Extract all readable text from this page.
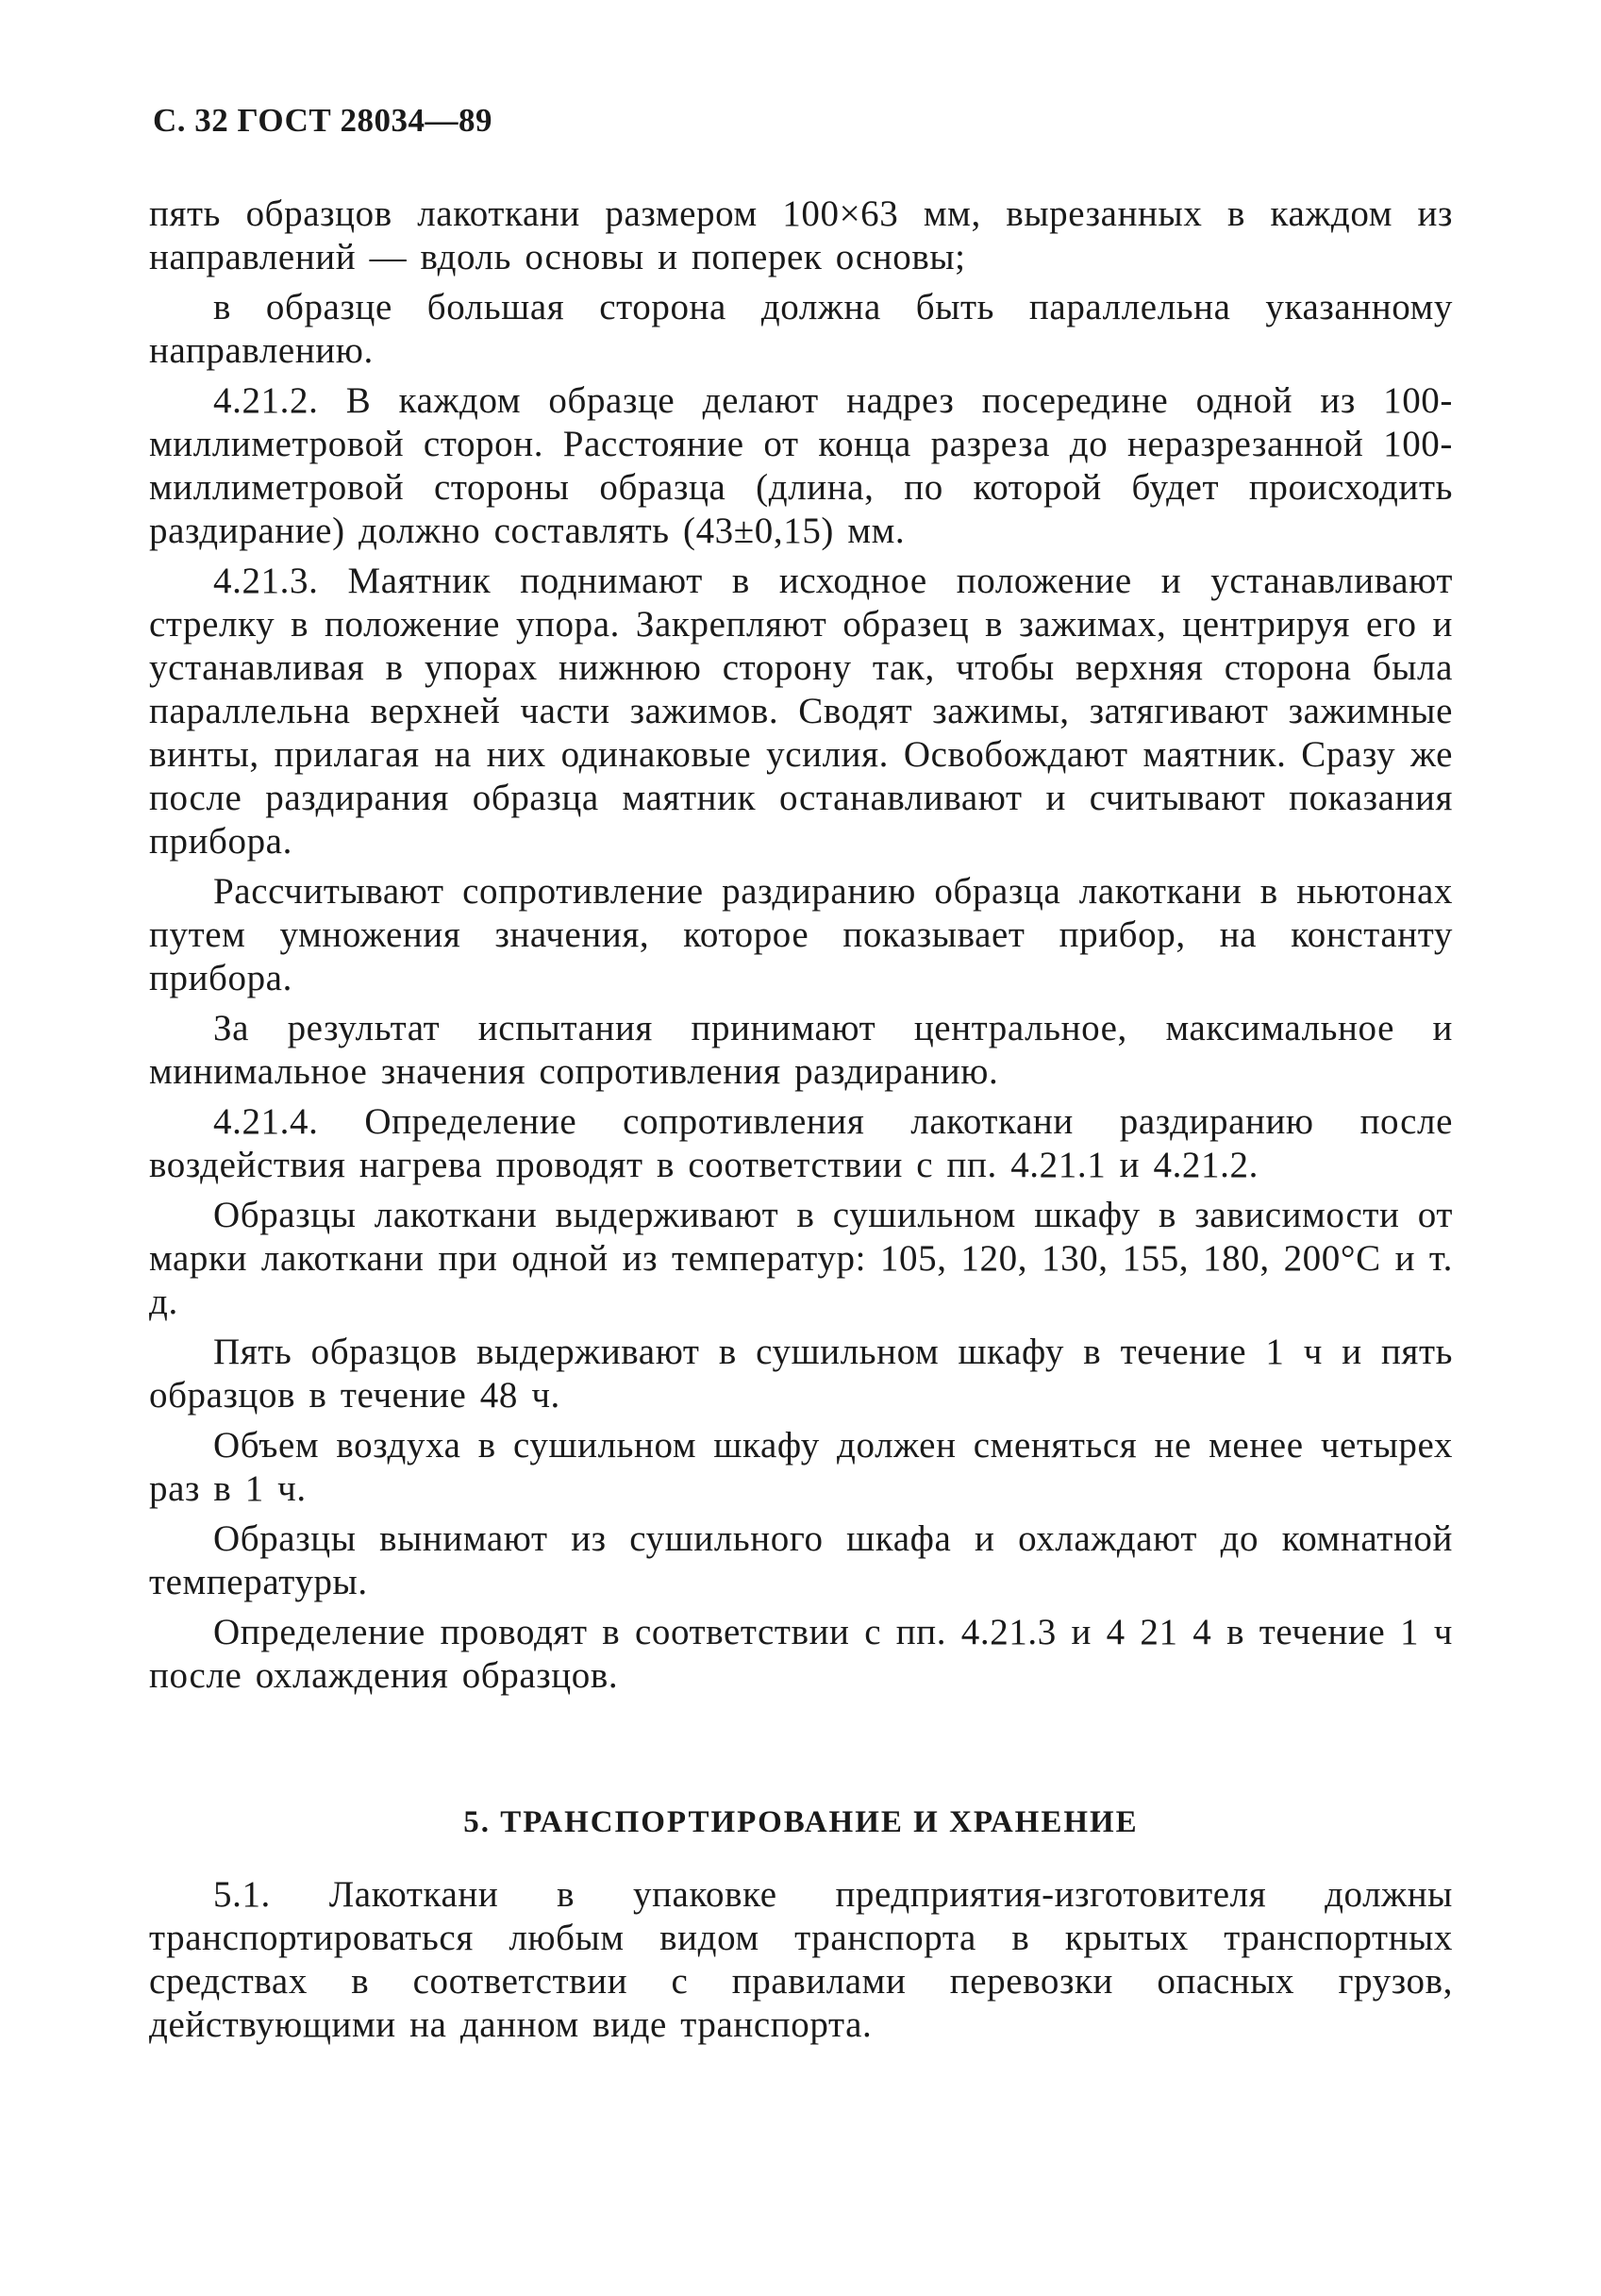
С. 32 ГОСТ 28034—89

пять образцов лакоткани размером 100×63 мм, вырезанных в каждом из направлений — вдоль основы и поперек основы;

в образце большая сторона должна быть параллельна указанному направлению.

4.21.2. В каждом образце делают надрез посередине одной из 100-миллиметровой сторон. Расстояние от конца разреза до неразрезанной 100-миллиметровой стороны образца (длина, по которой будет происходить раздирание) должно составлять (43±0,15) мм.

4.21.3. Маятник поднимают в исходное положение и устанавливают стрелку в положение упора. Закрепляют образец в зажимах, центрируя его и устанавливая в упорах нижнюю сторону так, чтобы верхняя сторона была параллельна верхней части зажимов. Сводят зажимы, затягивают зажимные винты, прилагая на них одинаковые усилия. Освобождают маятник. Сразу же после раздирания образца маятник останавливают и считывают показания прибора.

Рассчитывают сопротивление раздиранию образца лакоткани в ньютонах путем умножения значения, которое показывает прибор, на константу прибора.

За результат испытания принимают центральное, максимальное и минимальное значения сопротивления раздиранию.

4.21.4. Определение сопротивления лакоткани раздиранию после воздействия нагрева проводят в соответствии с пп. 4.21.1 и 4.21.2.

Образцы лакоткани выдерживают в сушильном шкафу в зависимости от марки лакоткани при одной из температур: 105, 120, 130, 155, 180, 200°С и т. д.

Пять образцов выдерживают в сушильном шкафу в течение 1 ч и пять образцов в течение 48 ч.

Объем воздуха в сушильном шкафу должен сменяться не менее четырех раз в 1 ч.

Образцы вынимают из сушильного шкафа и охлаждают до комнатной температуры.

Определение проводят в соответствии с пп. 4.21.3 и 4 21 4 в течение 1 ч после охлаждения образцов.

5. ТРАНСПОРТИРОВАНИЕ И ХРАНЕНИЕ

5.1. Лакоткани в упаковке предприятия-изготовителя должны транспортироваться любым видом транспорта в крытых транспортных средствах в соответствии с правилами перевозки опасных грузов, действующими на данном виде транспорта.
